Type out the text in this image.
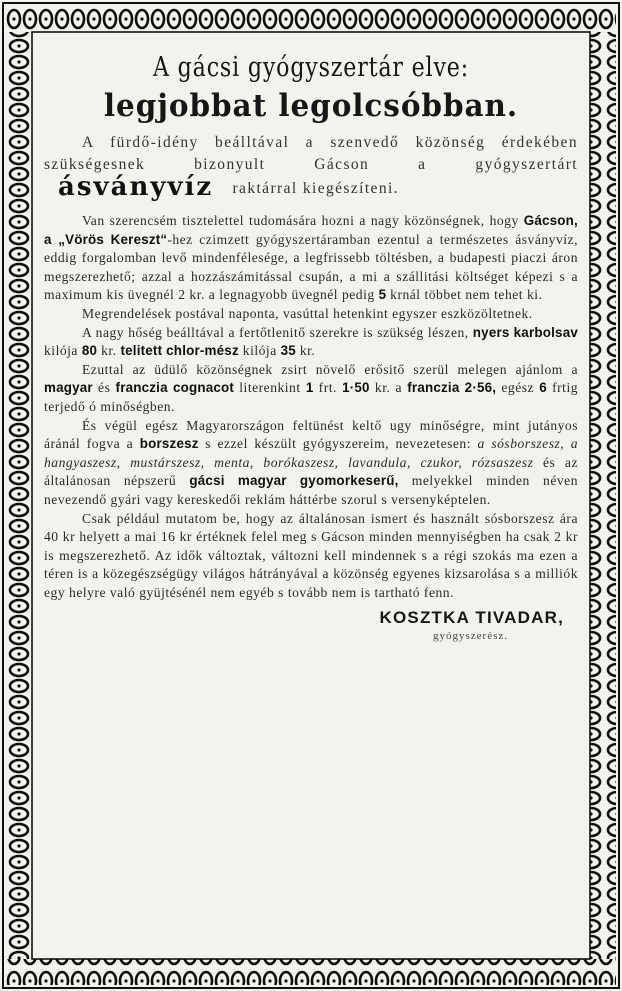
A gácsi gyógyszertár elve:
legjobbat legolcsóbban.
A fürdő-idény beálltával a szenvedő közönség érdekében szükségesnek bizonyult Gácson a gyógyszertárt ásványvíz raktárral kiegészíteni.

Van szerencsém tisztelettel tudomására hozni a nagy közönségnek, hogy Gácson, a „Vörös Kereszt“-hez czimzett gyógyszertáramban ezentul a természetes ásványvíz, eddig forgalomban levő mindenfélesége, a legfrissebb töltésben, a budapesti piaczi áron megszerezhető; azzal a hozzászámitással csupán, a mi a szállitási költséget képezi s a maximum kis üvegnél 2 kr. a legnagyobb üvegnél pedig 5 krnál többet nem tehet ki.

Megrendelések postával naponta, vasúttal hetenkint egyszer eszközöltetnek.

A nagy hőség beálltával a fertőtlenitő szerekre is szükség lészen, nyers karbolsav kilója 80 kr. telitett chlor-mész kilója 35 kr.

Ezuttal az üdülő közönségnek zsirt növelő erősitő szerül melegen ajánlom a magyar és franczia cognacot literenkint 1 frt. 1·50 kr. a franczia 2·56, egész 6 frtig terjedő ó minőségben.

És végül egész Magyarországon feltünést keltő ugy minőségre, mint jutányos áránál fogva a borszesz s ezzel készült gyógyszereim, nevezetesen: a sósborszesz, a hangyaszesz, mustárszesz, menta, borókaszesz, lavandula, czukor, rózsaszesz és az általánosan népszerű gácsi magyar gyomorkeserű, melyekkel minden néven nevezendő gyári vagy kereskedői reklám háttérbe szorul s versenyképtelen.

Csak például mutatom be, hogy az általánosan ismert és használt sósborszesz ára 40 kr helyett a mai 16 kr értéknek felel meg s Gácson minden mennyiségben ha csak 2 kr is megszerezhető. Az idők változtak, változni kell mindennek s a régi szokás ma ezen a téren is a közegészségügy világos hátrányával a közönség egyenes kizsarolása s a milliók egy helyre való gyüjtésénél nem egyéb s tovább nem is tartható fenn.

KOSZTKA TIVADAR,
gyógyszerész.
